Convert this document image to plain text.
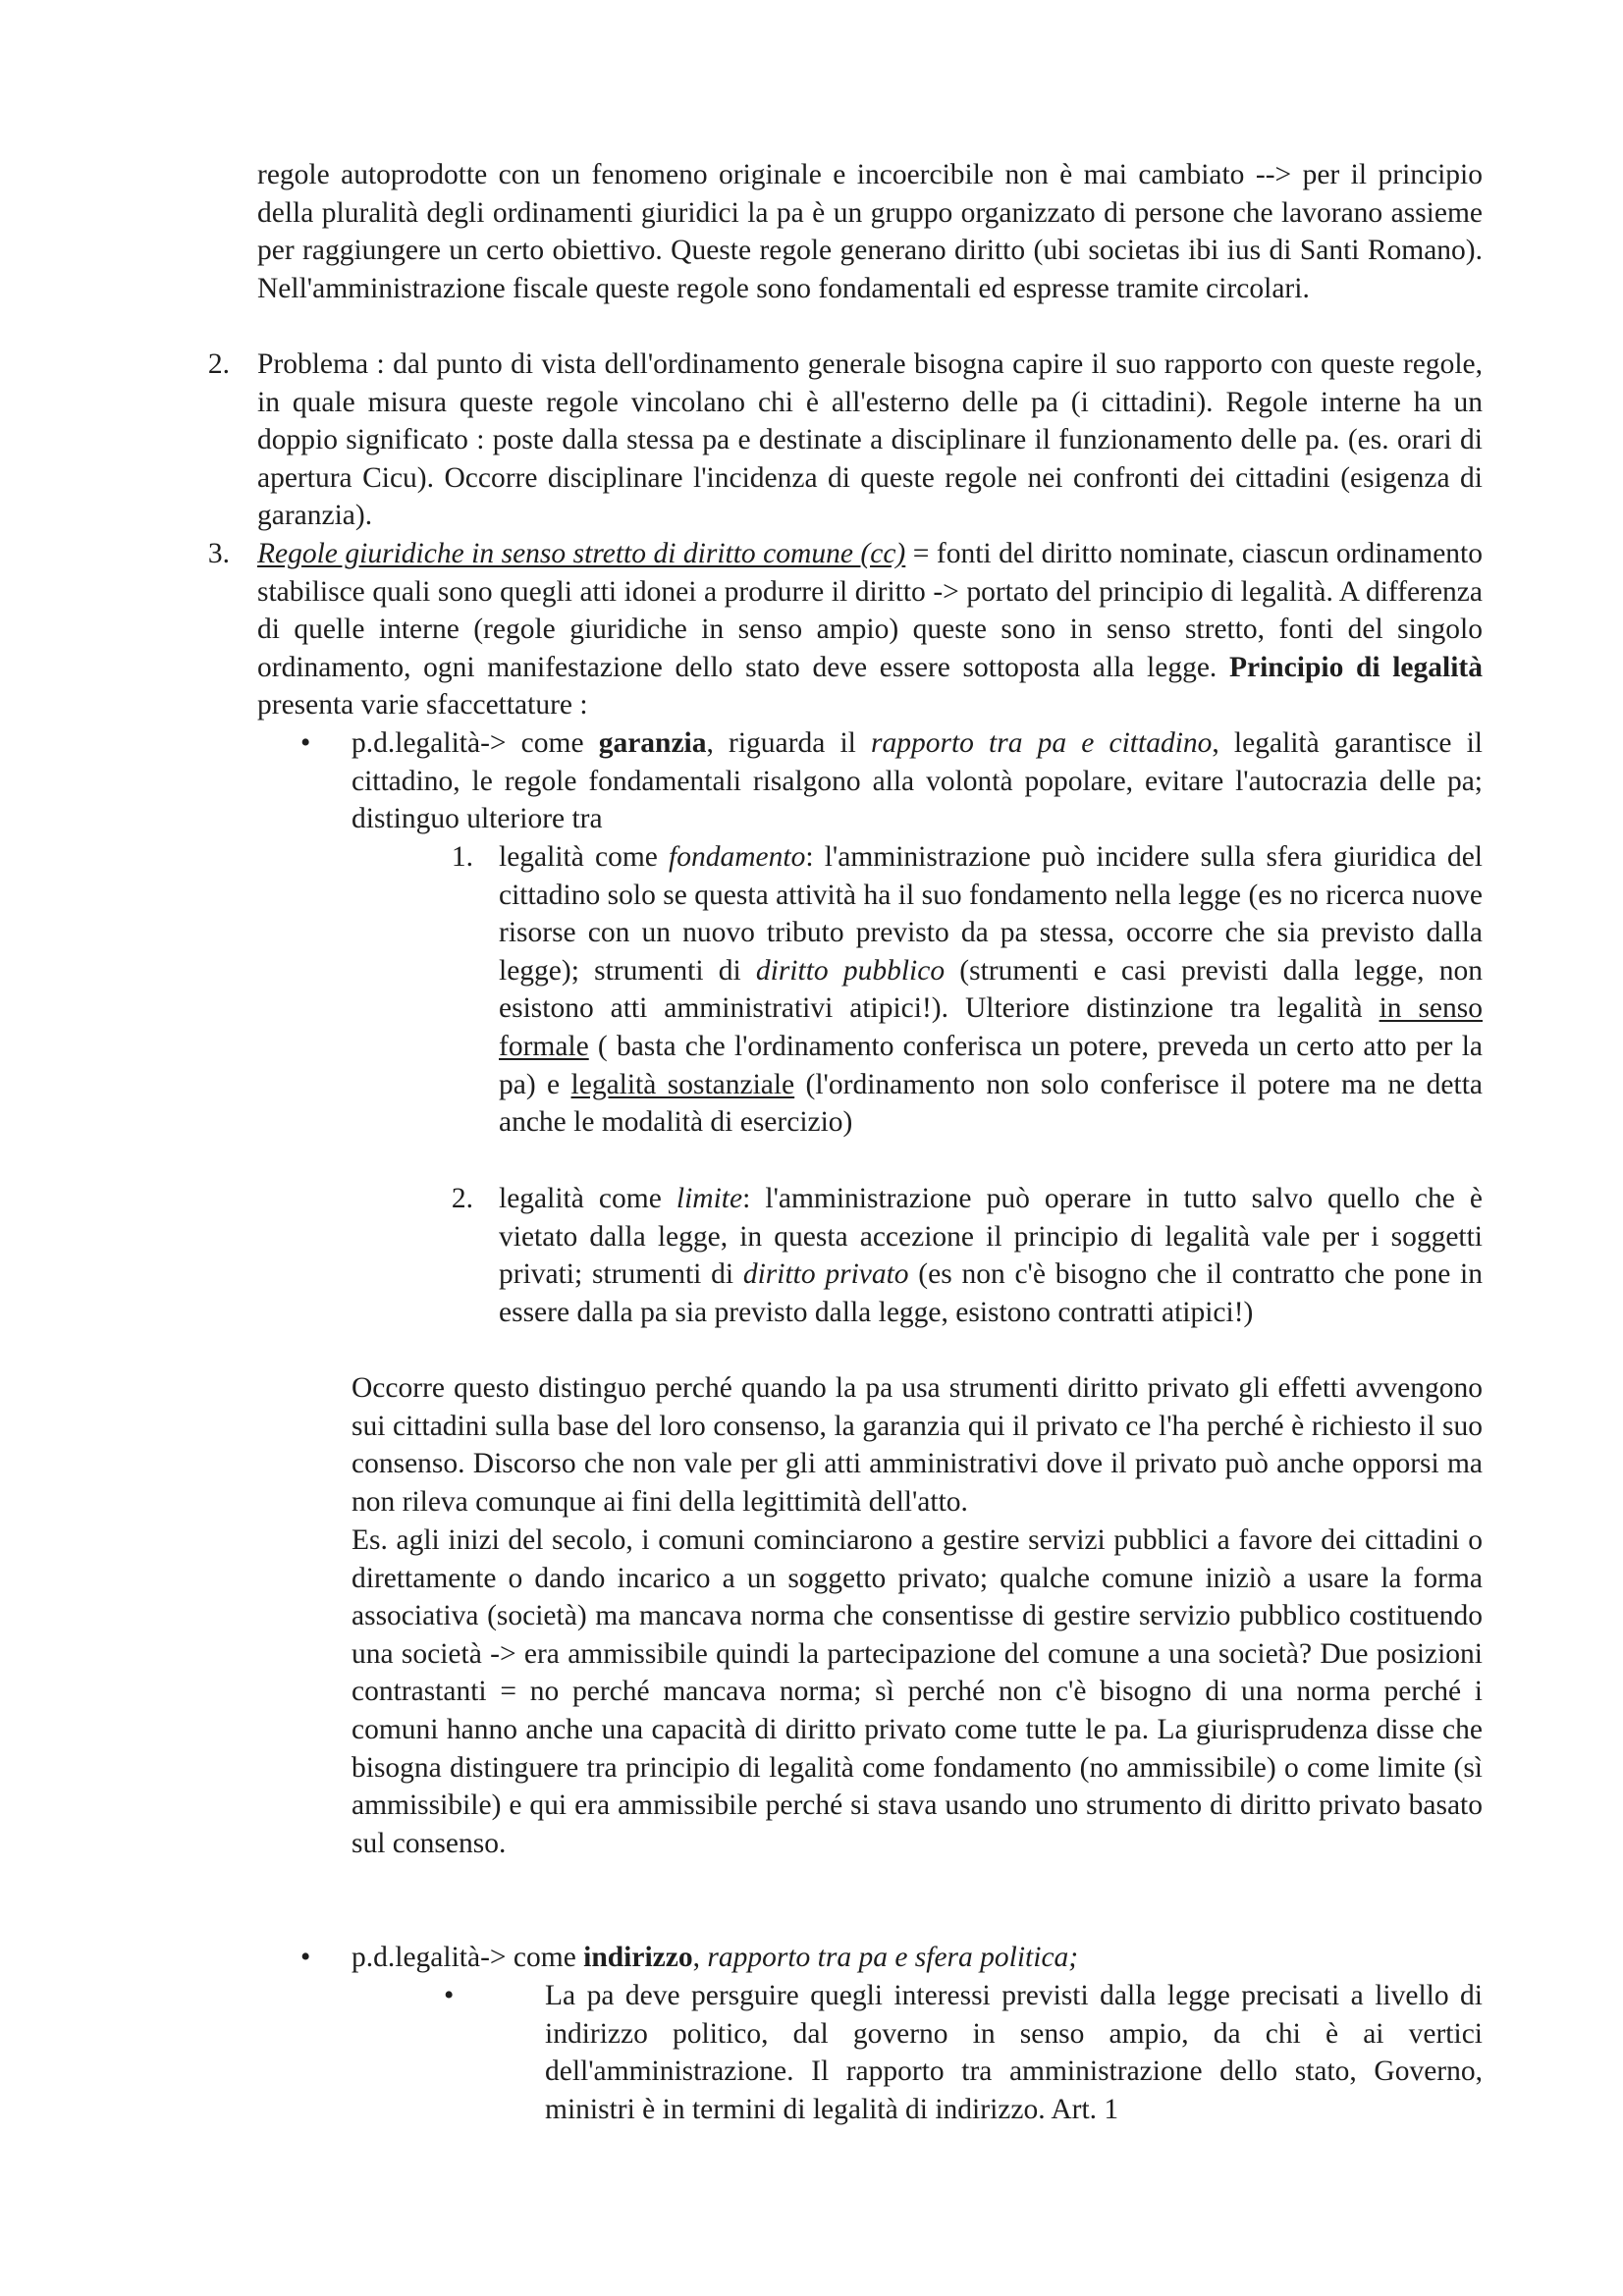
regole autoprodotte con un fenomeno originale e incoercibile non è mai cambiato --> per il principio della pluralità degli ordinamenti giuridici la pa è un gruppo organizzato di persone che lavorano assieme per raggiungere un certo obiettivo. Queste regole generano diritto (ubi societas ibi ius di Santi Romano). Nell'amministrazione fiscale queste regole sono fondamentali ed espresse tramite circolari.

2. Problema : dal punto di vista dell'ordinamento generale bisogna capire il suo rapporto con queste regole, in quale misura queste regole vincolano chi è all'esterno delle pa (i cittadini). Regole interne ha un doppio significato : poste dalla stessa pa e destinate a disciplinare il funzionamento delle pa. (es. orari di apertura Cicu). Occorre disciplinare l'incidenza di queste regole nei confronti dei cittadini (esigenza di garanzia).

3. Regole giuridiche in senso stretto di diritto comune (cc) = fonti del diritto nominate, ciascun ordinamento stabilisce quali sono quegli atti idonei a produrre il diritto -> portato del principio di legalità. A differenza di quelle interne (regole giuridiche in senso ampio) queste sono in senso stretto, fonti del singolo ordinamento, ogni manifestazione dello stato deve essere sottoposta alla legge. Principio di legalità presenta varie sfaccettature :

• p.d.legalità-> come garanzia, riguarda il rapporto tra pa e cittadino, legalità garantisce il cittadino, le regole fondamentali risalgono alla volontà popolare, evitare l'autocrazia delle pa; distinguo ulteriore tra

1. legalità come fondamento: l'amministrazione può incidere sulla sfera giuridica del cittadino solo se questa attività ha il suo fondamento nella legge (es no ricerca nuove risorse con un nuovo tributo previsto da pa stessa, occorre che sia previsto dalla legge); strumenti di diritto pubblico (strumenti e casi previsti dalla legge, non esistono atti amministrativi atipici!). Ulteriore distinzione tra legalità in senso formale ( basta che l'ordinamento conferisca un potere, preveda un certo atto per la pa) e legalità sostanziale (l'ordinamento non solo conferisce il potere ma ne detta anche le modalità di esercizio)

2. legalità come limite: l'amministrazione può operare in tutto salvo quello che è vietato dalla legge, in questa accezione il principio di legalità vale per i soggetti privati; strumenti di diritto privato (es non c'è bisogno che il contratto che pone in essere dalla pa sia previsto dalla legge, esistono contratti atipici!)

Occorre questo distinguo perché quando la pa usa strumenti diritto privato gli effetti avvengono sui cittadini sulla base del loro consenso, la garanzia qui il privato ce l'ha perché è richiesto il suo consenso. Discorso che non vale per gli atti amministrativi dove il privato può anche opporsi ma non rileva comunque ai fini della legittimità dell'atto.

Es. agli inizi del secolo, i comuni cominciarono a gestire servizi pubblici a favore dei cittadini o direttamente o dando incarico a un soggetto privato; qualche comune iniziò a usare la forma associativa (società) ma mancava norma che consentisse di gestire servizio pubblico costituendo una società -> era ammissibile quindi la partecipazione del comune a una società? Due posizioni contrastanti = no perché mancava norma; sì perché non c'è bisogno di una norma perché i comuni hanno anche una capacità di diritto privato come tutte le pa. La giurisprudenza disse che bisogna distinguere tra principio di legalità come fondamento (no ammissibile) o come limite (sì ammissibile) e qui era ammissibile perché si stava usando uno strumento di diritto privato basato sul consenso.

• p.d.legalità-> come indirizzo, rapporto tra pa e sfera politica;

•	La pa deve persguire quegli interessi previsti dalla legge precisati a livello di indirizzo politico, dal governo in senso ampio, da chi è ai vertici dell'amministrazione. Il rapporto tra amministrazione dello stato, Governo, ministri è in termini di legalità di indirizzo. Art. 1
